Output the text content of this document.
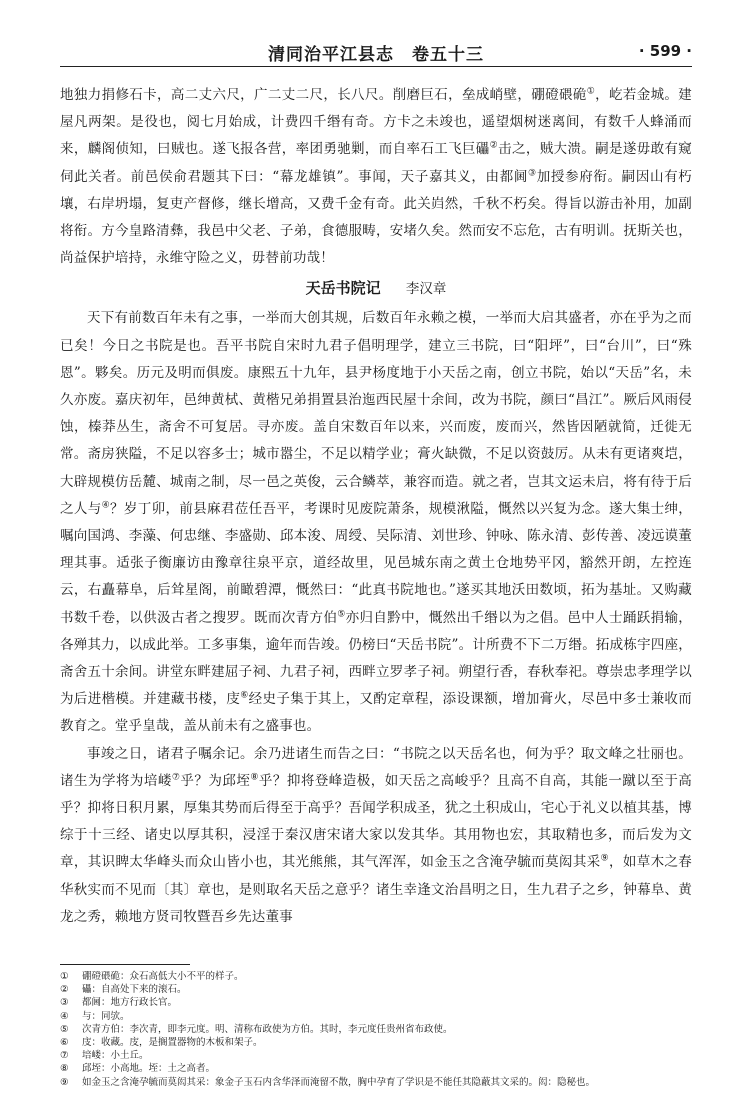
清同治平江县志　卷五十三	· 599 ·

地独力捐修石卡，高二丈六尺，广二丈二尺，长八尺。削磨巨石，垒成峭壁，硼磴碨硊①，屹若金城。建屋凡两架。是役也，阅七月始成，计费四千缗有奇。方卡之未竣也，遥望烟树迷离间，有数千人蜂涌而来，麟阁侦知，曰贼也。遂飞报各营，率团勇驰剿，而自率石工飞巨礧②击之，贼大溃。嗣是遂毋敢有窥伺此关者。前邑侯俞君题其下曰：“幕龙雄镇”。事闻，天子嘉其义，由都阃③加授参府衔。嗣因山有朽壤，右岸坍塌，复吏产督修，继长增高，又费千金有奇。此关岿然，千秋不朽矣。得旨以游击补用，加副将衔。方今皇路清彝，我邑中父老、子弟，食德服畴，安堵久矣。然而安不忘危，古有明训。抚斯关也，尚益保护培持，永维守险之义，毋替前功哉！

天岳书院记 李汉章

天下有前数百年未有之事，一举而大创其规，后数百年永赖之模，一举而大启其盛者，亦在乎为之而已矣！今日之书院是也。吾平书院自宋时九君子倡明理学，建立三书院，曰“阳坪”，曰“台川”，曰“殊恩”。夥矣。历元及明而俱废。康熙五十九年，县尹杨度地于小天岳之南，创立书院，始以“天岳”名，未久亦废。嘉庆初年，邑绅黄栻、黄楷兄弟捐置县治迤西民屋十余间，改为书院，颜曰“昌江”。厥后风雨侵蚀，榛莽丛生，斋舍不可复居。寻亦废。盖自宋数百年以来，兴而废，废而兴，然皆因陋就简，迁徙无常。斋房狭隘，不足以容多士；城市嚣尘，不足以精学业；膏火缺微，不足以资鼓厉。从未有更诸爽垲，大辟规模仿岳麓、城南之制，尽一邑之英俊，云合鳞萃，兼容而造。就之者，岂其文运未启，将有待于后之人与④？岁丁卯，前县麻君莅任吾平，考课时见废院萧条，规模湫隘，慨然以兴复为念。遂大集士绅，嘱向国鸿、李藻、何忠继、李盛勋、邱本浚、周绶、吴际清、刘世珍、钟咏、陈永清、彭传善、凌远谟董理其事。适张子衡廉访由豫章往泉平京，道经故里，见邑城东南之黄土仓地势平冈，豁然开朗，左控连云，右矗幕阜，后耸星阁，前瞰碧潭，慨然曰：“此真书院地也。”遂买其地沃田数顷，拓为基址。又购藏书数千卷，以供汲古者之搜罗。既而次青方伯⑤亦归自黔中，慨然出千缗以为之倡。邑中人士踊跃捐输，各殚其力，以成此举。工多事集，逾年而告竣。仍榜曰“天岳书院”。计所费不下二万缗。拓成栋宇四座，斋舍五十余间。讲堂东畔建屈子祠、九君子祠，西畔立罗孝子祠。朔望行香，春秋奉祀。尊崇忠孝理学以为后进楷模。并建藏书楼，庋⑥经史子集于其上，又酌定章程，添设课额，增加膏火，尽邑中多士兼收而教育之。堂乎皇哉，盖从前未有之盛事也。

事竣之日，诸君子嘱余记。余乃进诸生而告之曰：“书院之以天岳名也，何为乎？取文峰之壮丽也。诸生为学将为培嵝⑦乎？为邱垤⑧乎？抑将登峰造极，如天岳之高峻乎？且高不自高，其能一蹴以至于高乎？抑将日积月累，厚集其势而后得至于高乎？吾闻学积成圣，犹之土积成山，宅心于礼义以植其基，博综于十三经、诸史以厚其积，浸淫于秦汉唐宋诸大家以发其华。其用物也宏，其取精也多，而后发为文章，其识睥太华峰头而众山皆小也，其光熊熊，其气浑浑，如金玉之含淹孕毓而莫闳其采⑨，如草木之春华秋实而不见而〔其〕章也，是则取名天岳之意乎？诸生幸逢文治昌明之日，生九君子之乡，钟幕阜、黄龙之秀，赖地方贤司牧暨吾乡先达董事

① 硼磴碨硊：众石高低大小不平的样子。
② 礧：自高处下来的滚石。
③ 都阃：地方行政长官。
④ 与：同欤。
⑤ 次青方伯：李次青，即李元度。明、清称布政使为方伯。其时，李元度任贵州省布政使。
⑥ 庋：收藏。庋，是搁置器物的木板和架子。
⑦ 培嵝：小土丘。
⑧ 邱垤：小高地。垤：土之高者。
⑨ 如金玉之含淹孕毓而莫闳其采：象金子玉石内含华泽而淹留不散，胸中孕育了学识是不能任其隐蔽其文采的。闳：隐秘也。
